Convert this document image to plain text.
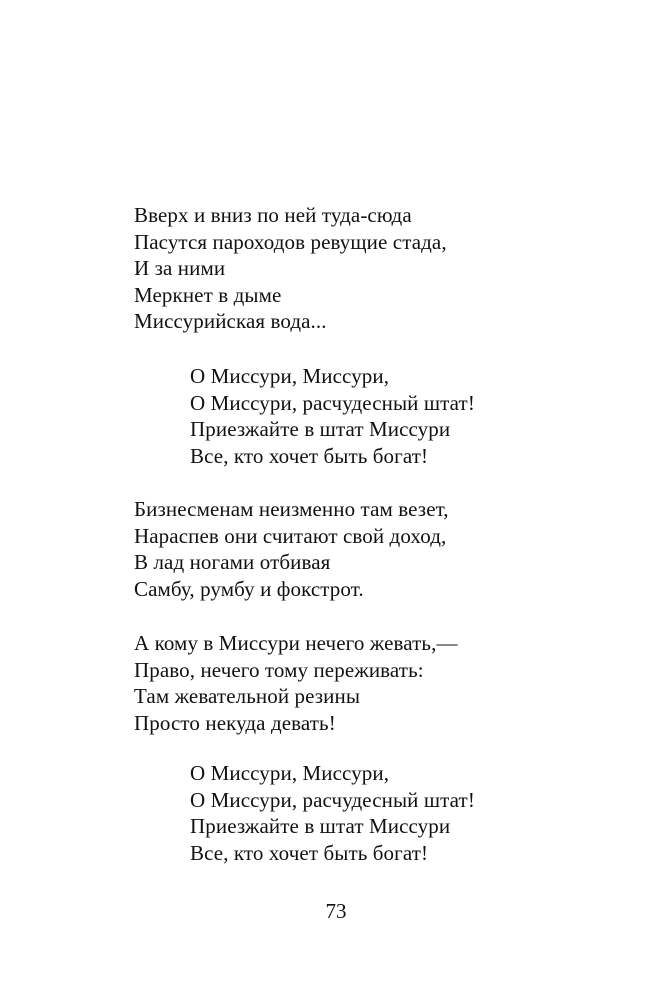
Вверх и вниз по ней туда-сюда
Пасутся пароходов ревущие стада,
И за ними
Меркнет в дыме
Миссурийская вода...
О Миссури, Миссури,
О Миссури, расчудесный штат!
Приезжайте в штат Миссури
Все, кто хочет быть богат!
Бизнесменам неизменно там везет,
Нараспев они считают свой доход,
В лад ногами отбивая
Самбу, румбу и фокстрот.
А кому в Миссури нечего жевать,—
Право, нечего тому переживать:
Там жевательной резины
Просто некуда девать!
О Миссури, Миссури,
О Миссури, расчудесный штат!
Приезжайте в штат Миссури
Все, кто хочет быть богат!
73
